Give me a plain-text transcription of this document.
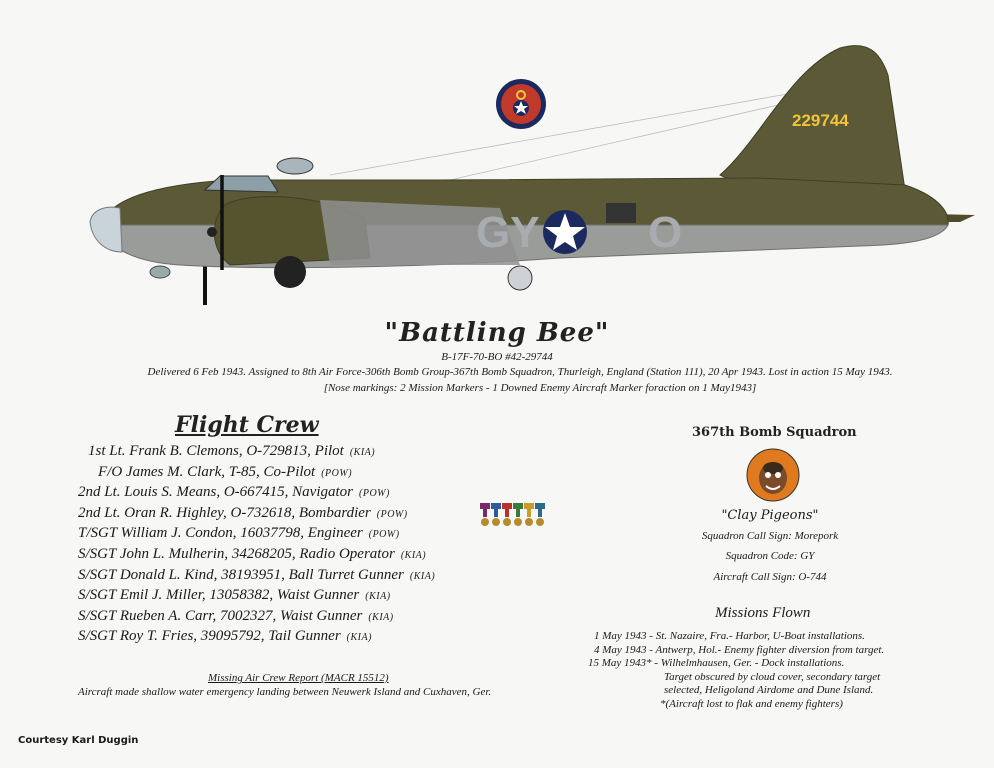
GY O
229744
"Battling Bee"
B-17F-70-BO #42-29744
Delivered 6 Feb 1943. Assigned to 8th Air Force-306th Bomb Group-367th Bomb Squadron, Thurleigh, England (Station 111), 20 Apr 1943. Lost in action 15 May 1943.
[Nose markings: 2 Mission Markers - 1 Downed Enemy Aircraft Marker foraction on 1 May1943]
Flight Crew
1st Lt. Frank B. Clemons, O-729813, Pilot (KIA)
F/O James M. Clark, T-85, Co-Pilot (POW)
2nd Lt. Louis S. Means, O-667415, Navigator (POW)
2nd Lt. Oran R. Highley, O-732618, Bombardier (POW)
T/SGT William J. Condon, 16037798, Engineer (POW)
S/SGT John L. Mulherin, 34268205, Radio Operator (KIA)
S/SGT Donald L. Kind, 38193951, Ball Turret Gunner (KIA)
S/SGT Emil J. Miller, 13058382, Waist Gunner (KIA)
S/SGT Rueben A. Carr, 7002327, Waist Gunner (KIA)
S/SGT Roy T. Fries, 39095792, Tail Gunner (KIA)
Missing Air Crew Report (MACR 15512)
Aircraft made shallow water emergency landing between Neuwerk Island and Cuxhaven, Ger.
367th Bomb Squadron
"Clay Pigeons"
Squadron Call Sign: Morepork
Squadron Code: GY
Aircraft Call Sign: O-744
Missions Flown
1 May 1943 - St. Nazaire, Fra.- Harbor, U-Boat installations.
4 May 1943 - Antwerp, Hol.- Enemy fighter diversion from target.
15 May 1943* - Wilhelmhausen, Ger. - Dock installations.
Target obscured by cloud cover, secondary target
selected, Heligoland Airdome and Dune Island.
*(Aircraft lost to flak and enemy fighters)
Courtesy Karl Duggin
